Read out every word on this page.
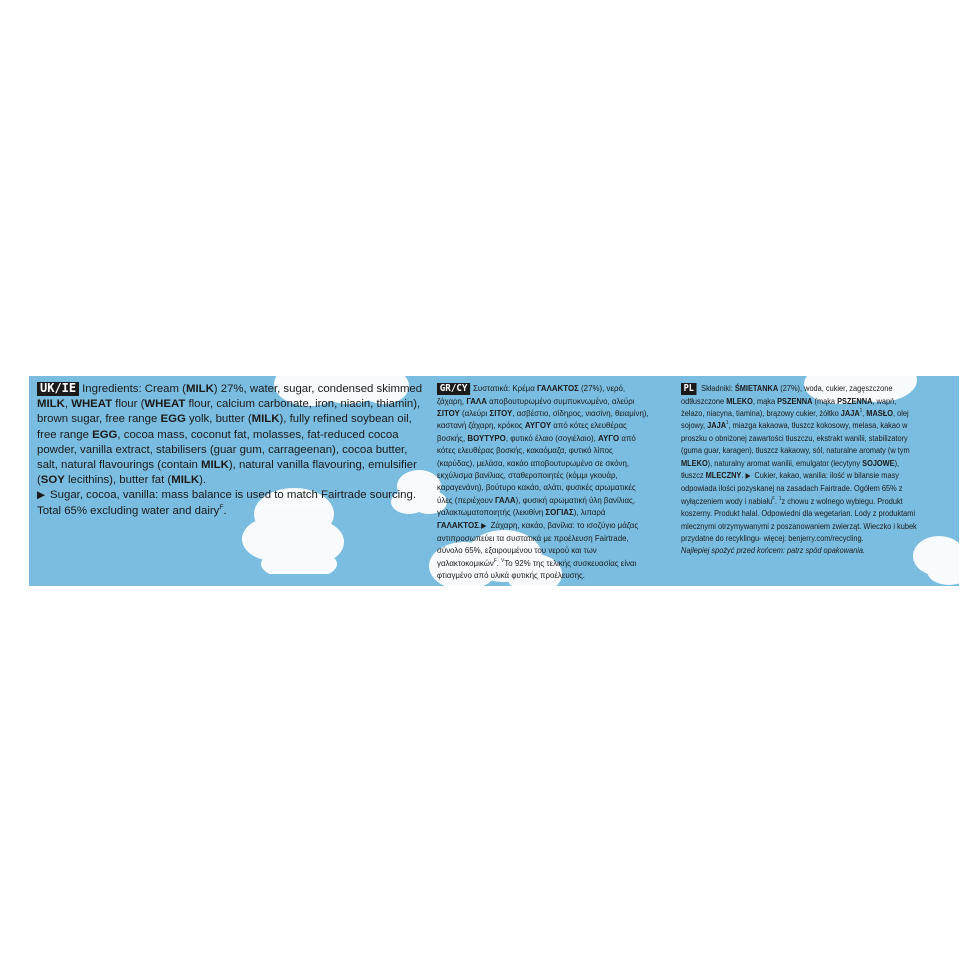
UK/IE Ingredients: Cream (MILK) 27%, water, sugar, condensed skimmed MILK, WHEAT flour (WHEAT flour, calcium carbonate, iron, niacin, thiamin), brown sugar, free range EGG yolk, butter (MILK), fully refined soybean oil, free range EGG, cocoa mass, coconut fat, molasses, fat-reduced cocoa powder, vanilla extract, stabilisers (guar gum, carrageenan), cocoa butter, salt, natural flavourings (contain MILK), natural vanilla flavouring, emulsifier (SOY lecithins), butter fat (MILK).
▶ Sugar, cocoa, vanilla: mass balance is used to match Fairtrade sourcing. Total 65% excluding water and dairy$^F$.
GR/CY Συστατικά: Κρέμα ΓΑΛΑΚΤΟΣ (27%), νερό, ζάχαρη, ΓΑΛΑ αποβουτυρωμένο συμπυκνωμένο, αλεύρι ΣΙΤΟΥ (αλεύρι ΣΙΤΟΥ, ασβέστιο, σίδηρος, νιασίνη, θειαμίνη), καστανή ζάχαρη, κρόκος ΑΥΓΟΥ από κότες ελευθέρας βοσκής, ΒΟΥΤΥΡΟ, φυτικό έλαιο (σογιέλαιο), ΑΥΓΟ από κότες ελευθέρας βοσκής, κακαόμαζα, φυτικό λίπος (καρύδας), μελάσα, κακάο αποβουτυρωμένο σε σκόνη, εκχύλισμα βανίλιας, σταθεροποιητές (κόμμι γκουάρ, καραγενάνη), βούτυρο κακάο, αλάτι, φυσικές αρωματικές ύλες (περιέχουν ΓΑΛΑ), φυσική αρωματική ύλη βανίλιας, γαλακτωματοποιητής (λεκιθίνη ΣΟΓΙΑΣ), λιπαρά ΓΑΛΑΚΤΟΣ.▶ Ζάχαρη, κακάο, βανίλια: το ισοζύγιο μάζας αντιπροσωπεύει τα συστατικά με προέλευση Fairtrade, σύνολο 65%, εξαιρουμένου του νερού και των γαλακτοκομικών$^F$. $^V$Το 92% της τελικής συσκευασίας είναι φτιαγμένο από υλικά φυτικής προέλευσης.
PL Składniki: ŚMIETANKA (27%), woda, cukier, zagęszczone odtłuszczone MLEKO, mąka PSZENNA (mąka PSZENNA, wapń, żelazo, niacyna, tiamina), brązowy cukier, żółtko JAJA$^1$, MASŁO, olej sojowy, JAJA$^1$, miazga kakaowa, tłuszcz kokosowy, melasa, kakao w proszku o obniżonej zawartości tłuszczu, ekstrakt wanilii, stabilizatory (guma guar, karagen), tłuszcz kakaowy, sól, naturalne aromaty (w tym MLEKO), naturalny aromat wanilii, emulgator (lecytyny SOJOWE), tłuszcz MLECZNY. ▶ Cukier, kakao, wanilia: ilość w bilansie masy odpowiada ilości pozyskanej na zasadach Fairtrade. Ogółem 65% z wyłączeniem wody i nabiału$^F$. $^1$z chowu z wolnego wybiegu. Produkt koszerny. Produkt halal. Odpowiedni dla wegetarian. Lody z produktami mlecznymi otrzymywanymi z poszanowaniem zwierząt. Wieczko i kubek przydatne do recyklingu- więcej: benjerry.com/recycling.
Najlepiej spożyć przed końcem: patrz spód opakowania.
